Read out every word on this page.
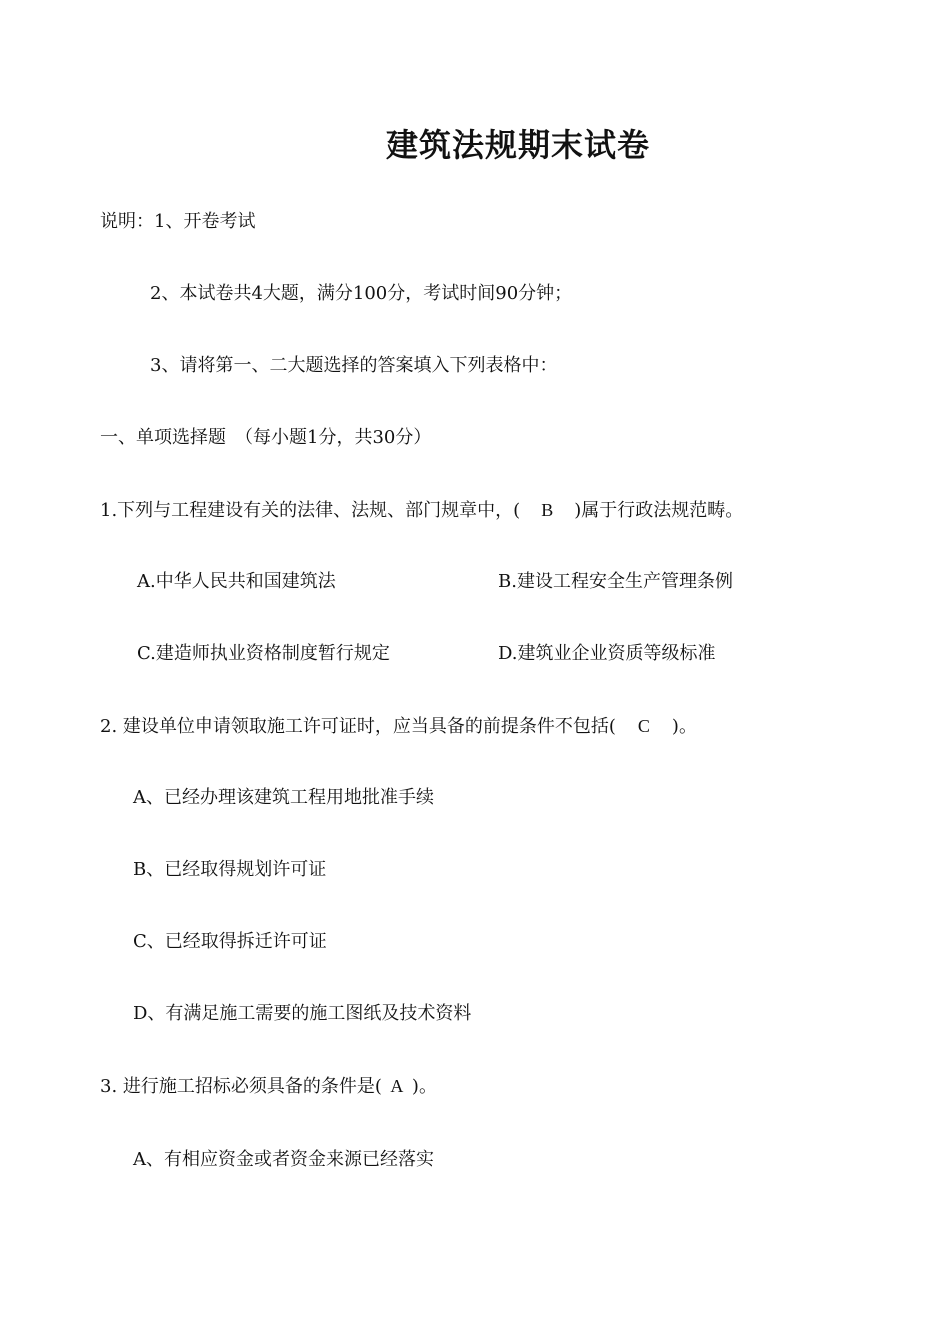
建筑法规期末试卷
说明：1、开卷考试
2、本试卷共4大题，满分100分，考试时间90分钟；
3、请将第一、二大题选择的答案填入下列表格中：
一、单项选择题　（每小题1分，共30分）
1.下列与工程建设有关的法律、法规、部门规章中，( B )属于行政法规范畴。
A.中华人民共和国建筑法	B.建设工程安全生产管理条例
C.建造师执业资格制度暂行规定	D.建筑业企业资质等级标准
2. 建设单位申请领取施工许可证时，应当具备的前提条件不包括( C )。
A、已经办理该建筑工程用地批准手续
B、已经取得规划许可证
C、已经取得拆迁许可证
D、有满足施工需要的施工图纸及技术资料
3. 进行施工招标必须具备的条件是( A )。
A、有相应资金或者资金来源已经落实
